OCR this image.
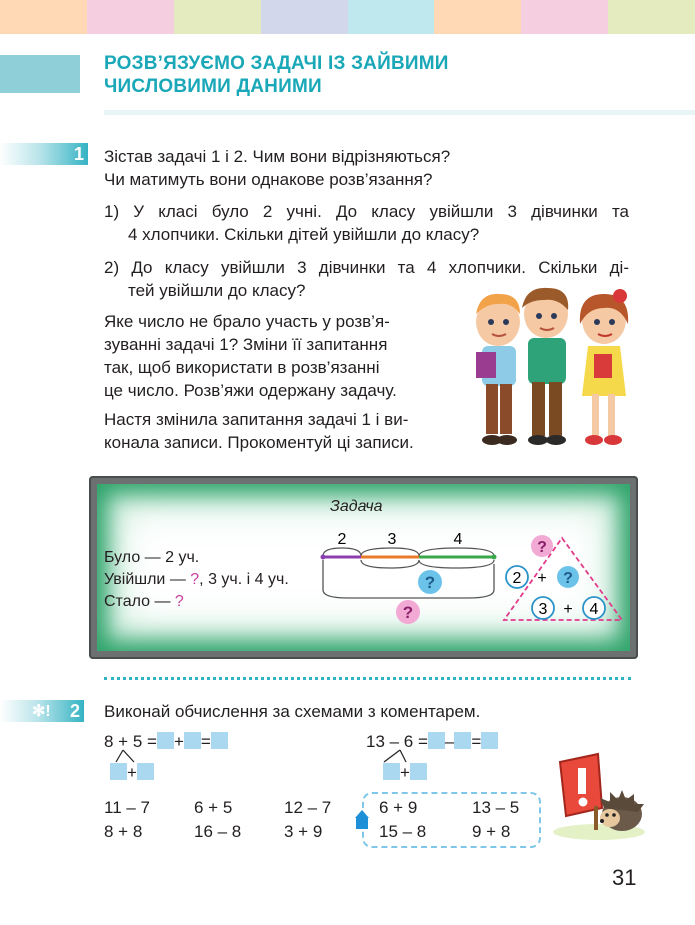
РОЗВ’ЯЗУЄМО ЗАДАЧІ ІЗ ЗАЙВИМИ
ЧИСЛОВИМИ ДАНИМИ
1 Зістав задачі 1 і 2. Чим вони відрізняються?
Чи матимуть вони однакове розв’язання?
1) У класі було 2 учні. До класу увійшли 3 дівчинки та
4 хлопчики. Скільки дітей увійшли до класу?
2) До класу увійшли 3 дівчинки та 4 хлопчики. Скільки ді-
тей увійшли до класу?
Яке число не брало участь у розв’я-
зуванні задачі 1? Зміни її запитання
так, щоб використати в розв’язанні
це число. Розв’яжи одержану задачу.
Настя змінила запитання задачі 1 і ви-
конала записи. Прокоментуй ці записи.
Задача
Було — 2 уч.
Увійшли — ?, 3 уч. і 4 уч.
Стало — ?
2	3	4
?
?
?
2 + ?
3 + 4
✻! 2 Виконай обчислення за схемами з коментарем.
8 + 5 = + =
+
13 – 6 = – =
+
11 – 7	6 + 5	12 – 7
8 + 8	16 – 8	3 + 9
6 + 9	13 – 5
15 – 8	9 + 8
31
